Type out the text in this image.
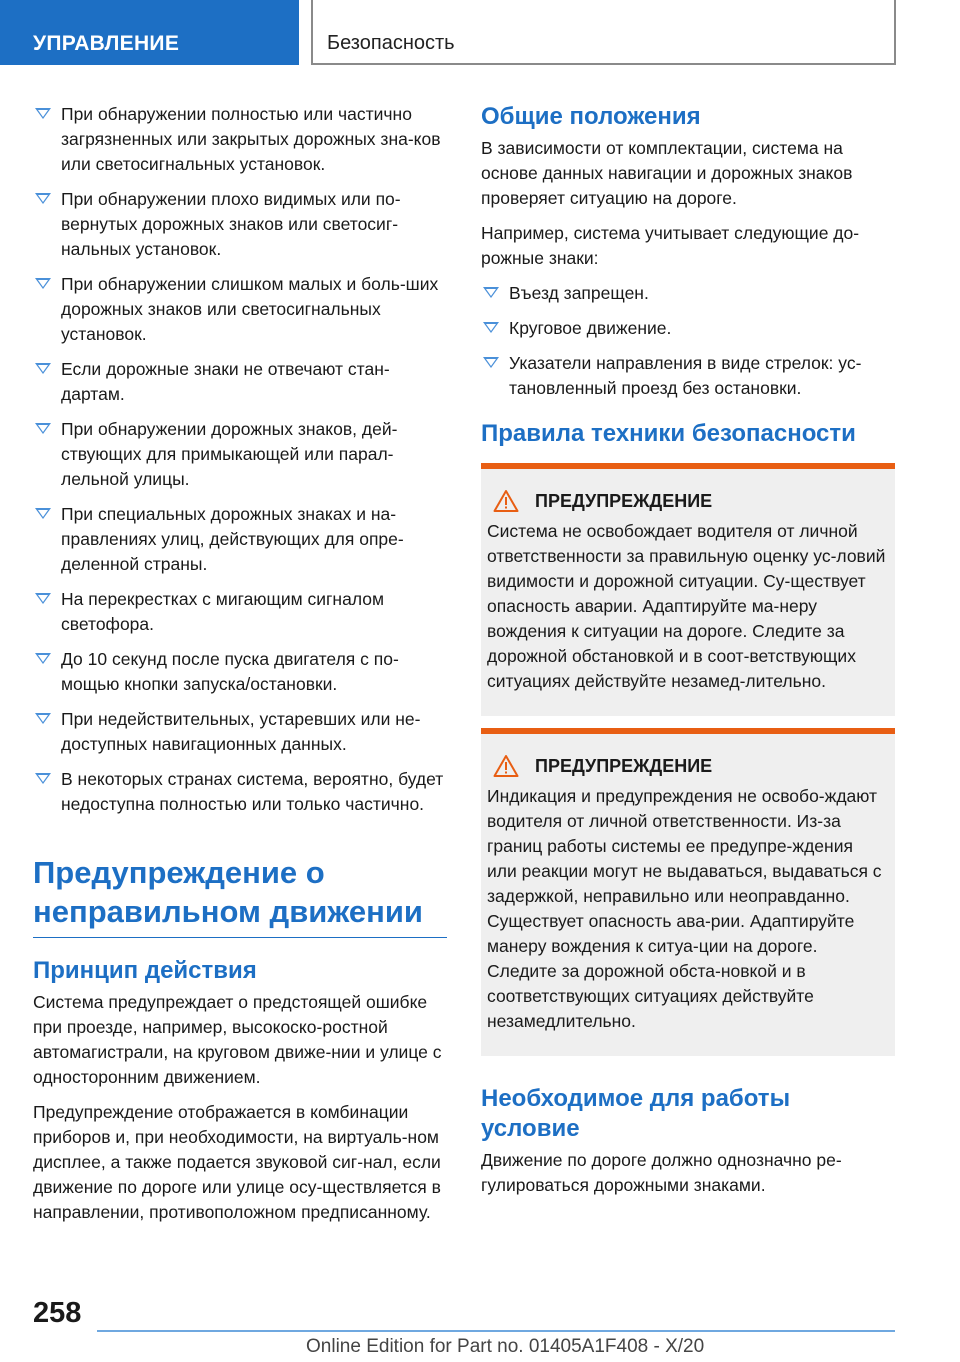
УПРАВЛЕНИЕ	Безопасность
При обнаружении полностью или частично загрязненных или закрытых дорожных зна-ков или светосигнальных установок.
При обнаружении плохо видимых или по-вернутых дорожных знаков или светосиг-нальных установок.
При обнаружении слишком малых и боль-ших дорожных знаков или светосигнальных установок.
Если дорожные знаки не отвечают стан-дартам.
При обнаружении дорожных знаков, дей-ствующих для примыкающей или парал-лельной улицы.
При специальных дорожных знаках и на-правлениях улиц, действующих для опре-деленной страны.
На перекрестках с мигающим сигналом светофора.
До 10 секунд после пуска двигателя с по-мощью кнопки запуска/остановки.
При недействительных, устаревших или не-доступных навигационных данных.
В некоторых странах система, вероятно, будет недоступна полностью или только частично.
Предупреждение о неправильном движении
Принцип действия
Система предупреждает о предстоящей ошибке при проезде, например, высокоско-ростной автомагистрали, на круговом движе-нии и улице с односторонним движением.
Предупреждение отображается в комбинации приборов и, при необходимости, на виртуаль-ном дисплее, а также подается звуковой сиг-нал, если движение по дороге или улице осу-ществляется в направлении, противоположном предписанному.
Общие положения
В зависимости от комплектации, система на основе данных навигации и дорожных знаков проверяет ситуацию на дороге.
Например, система учитывает следующие до-рожные знаки:
Въезд запрещен.
Круговое движение.
Указатели направления в виде стрелок: ус-тановленный проезд без остановки.
Правила техники безопасности
ПРЕДУПРЕЖДЕНИЕ
Система не освобождает водителя от личной ответственности за правильную оценку ус-ловий видимости и дорожной ситуации. Су-ществует опасность аварии. Адаптируйте ма-неру вождения к ситуации на дороге. Следите за дорожной обстановкой и в соот-ветствующих ситуациях действуйте незамед-лительно.
ПРЕДУПРЕЖДЕНИЕ
Индикация и предупреждения не освобо-ждают водителя от личной ответственности. Из-за границ работы системы ее предупре-ждения или реакции могут не выдаваться, выдаваться с задержкой, неправильно или неоправданно. Существует опасность ава-рии. Адаптируйте манеру вождения к ситуа-ции на дороге. Следите за дорожной обста-новкой и в соответствующих ситуациях действуйте незамедлительно.
Необходимое для работы условие
Движение по дороге должно однозначно ре-гулироваться дорожными знаками.
258
Online Edition for Part no. 01405A1F408 - X/20
